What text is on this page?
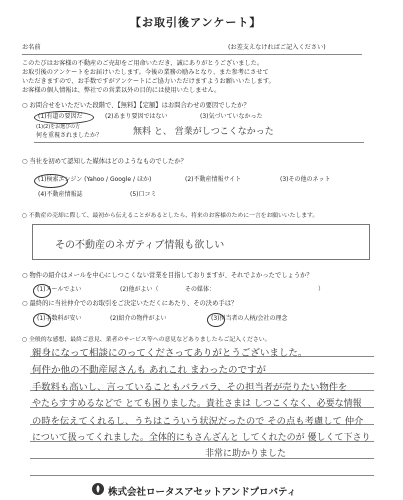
【お取引後アンケート】
お名前	(お差支えなければご記入ください)
このたびはお客様の不動産のご売却をご用命いただき、誠にありがとうございました。
お取引後のアンケートをお届けいたします。今後の業務の励みとなり、また参考にさせて
いただきますので、お手数ですがアンケートにご協力いただけますようお願いいたします。
お客様の個人情報は、弊社での営業以外の目的には使用いたしません。
○ お問合せをいただいた段階で、【無料】【定額】はお問合わせの要因でしたか？
(1)有道の要因だ	(2)あまり要因ではない	(3)気づいていなかった
(1)(2)をお選びの方
何を重視されましたか？	無料 と、 営業がしつこくなかった
○ 当社を初めて認知した媒体はどのようなものでしたか？
(1)検索エンジン (Yahoo / Google / ほか)	(2)不動産情報サイト	(3)その他のネット
(4)不動産情報誌	(5)口コミ
○ 不動産の売却に際して、最初から伝えることがあるとしたら、将来のお客様のために一言をお願いいたします。
その不動産のネガティブ情報も欲しい
○ 物件の紹介はメールを中心にしつこくない営業を目指しておりますが、それでよかったでしょうか？
(1)メールでよい	(2)他がよい（	その媒体：	）
○ 最終的に当社仲介でのお取引をご決定いただくにあたり、その決め手は？
(1)手数料が安い	(2)紹介の物件がよい	(3)担当者の人柄/会社の理念
○ 全般的な感想、最終ご意見、業者のサービス等への意見などありましたらご記入ください。
親身になって相談にのってくださってありがとうございました。
何件か他の不動産屋さんも あれこれ まわったのですが
手数料も高いし、言っていることもバラバラ、その担当者が売りたい物件を
やたらすすめるなどで とても困りました。貴社さまは しつこくなく、必要な情報
の時を伝えてくれるし、うちはこういう状況だったので その点も考慮して 仲介
について扱ってくれました。全体的にもさんざんと してくれたのが 優しくて下さり
非常に助かりました
株式会社ロータスアセットアンドプロパティ
